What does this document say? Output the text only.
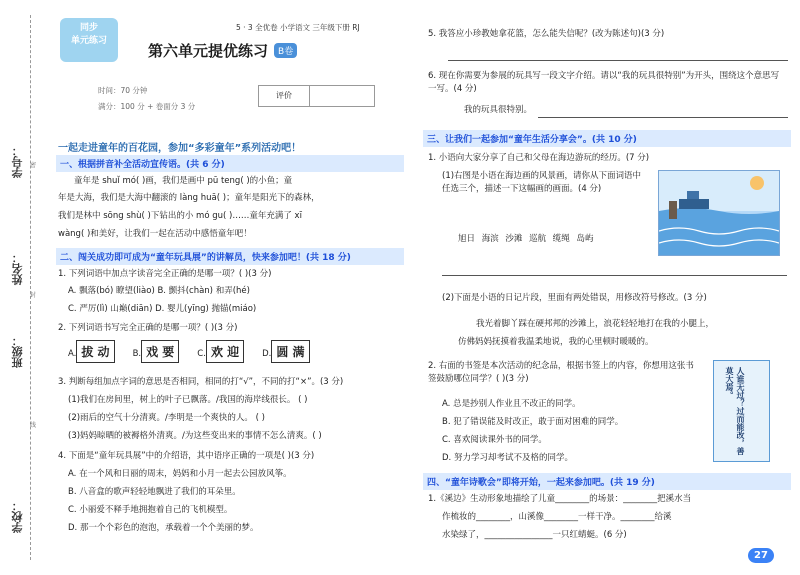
学号：
姓名：
班级：
学校：
密
封
线
同步
单元练习
5 · 3 全优卷 小学语文 三年级下册 RJ
第六单元提优练习	B卷
时间：70 分钟
满分：100 分 + 卷面分 3 分
评价
一起走进童年的百花园，参加“多彩童年”系列活动吧！
一、根据拼音补全活动宣传语。(共 6 分)
童年是 shuǐ mó( )画，我们是画中 pū teng( )的小鱼；童
年是大海，我们是大海中翻滚的 làng huā( )；童年是阳光下的森林，
我们是林中 sōng shù( )下钻出的小 mó gu( )……童年充满了 xī
wàng( )和美好，让我们一起在活动中感悟童年吧！
二、闯关成功即可成为“童年玩具展”的讲解员，快来参加吧！(共 18 分)
1. 下列词语中加点字读音完全正确的是哪一项？( )(3 分)
A. 飘落(bó) 瞭望(liào) B. 颤抖(chàn) 和弄(hé)
C. 严厉(lì) 山巅(diān) D. 婴儿(yīng) 抛锚(miáo)
2. 下列词语书写完全正确的是哪一项？( )(3 分)
A. 拔 动	B. 戏 要	C. 欢 迎	D. 圆 满
3. 判断每组加点字词的意思是否相同，相同的打“√”，不同的打“×”。(3 分)
(1)我们在房间里，树上的叶子已飘落。/我国的海岸线很长。 ( )
(2)雨后的空气十分清爽。/李明是一个爽快的人。 ( )
(3)妈妈晾晒的被褥格外清爽。/为这些变出来的事情不怎么清爽。( )
4. 下面是“童年玩具展”中的介绍语，其中语序正确的一项是( )(3 分)
A. 在一个风和日丽的周末，妈妈和小月一起去公园放风筝。
B. 八音盒的歌声轻轻地飘进了我们的耳朵里。
C. 小丽爱不释手地拥抱着自己的飞机模型。
D. 那一个个彩色的泡泡，承载着一个个美丽的梦。
5. 我答应小珍教她拿花篮，怎么能失信呢？(改为陈述句)(3 分)
6. 现在你需要为参展的玩具写一段文字介绍。请以“我的玩具很特别”为开头，围绕这个意思写一写。(4 分)
我的玩具很特别。
三、让我们一起参加“童年生活分享会”。(共 10 分)
1. 小语向大家分享了自己和父母在海边游玩的经历。(7 分)
(1)右图是小语在海边画的风景画，请你从下面词语中任选三个，描述一下这幅画的画面。(4 分)
旭日 海滨 沙滩 巡航 缆绳 岛屿
(2)下面是小语的日记片段，里面有两处错误，用修改符号修改。(3 分)
我光着脚丫踩在硬邦邦的沙滩上，浪花轻轻地打在我的小腿上，
仿佛妈妈抚摸着我温柔地说，我的心里顿时暖暖的。
2. 右面的书签是本次活动的纪念品，根据书签上的内容，你想用这张书签鼓励哪位同学？( )(3 分)
A. 总是抄别人作业且不改正的同学。
B. 犯了错误能及时改正，敢于面对困难的同学。
C. 喜欢阅读课外书的同学。
D. 努力学习却考试不及格的同学。
人谁无过？过而能改，善莫大焉。
四、“童年诗歌会”即将开始，一起来参加吧。(共 19 分)
1.《溪边》生动形象地描绘了儿童________的场景：________把溪水当
作梳妆的________，山溪像________一样干净。________给溪
水染绿了，________________一只红蜻蜓。(6 分)
27
